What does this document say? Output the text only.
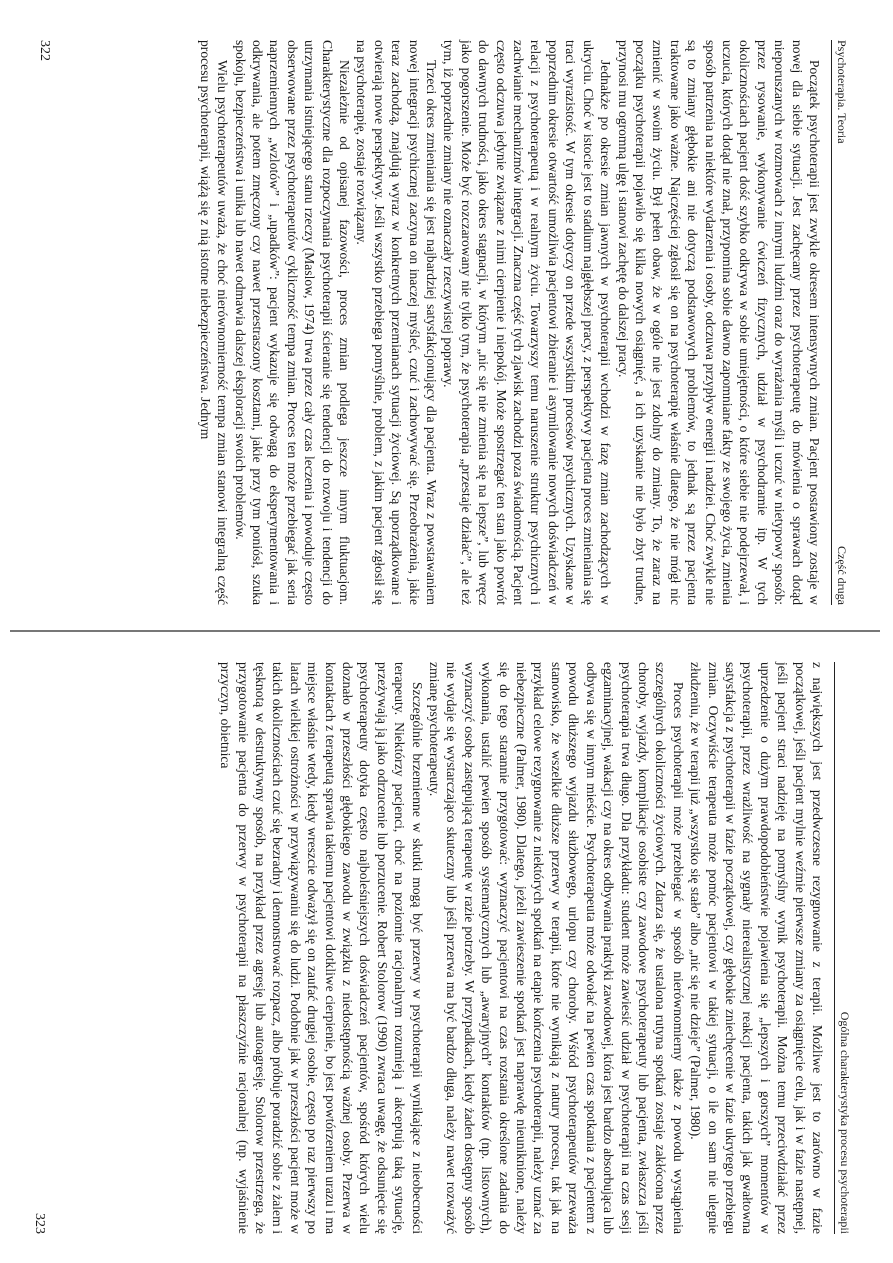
Psychoterapia. Teoria
Część druga

Początek psychoterapii jest zwykle okresem intensywnych zmian. Pacjent postawiony zostaje w nowej dla siebie sytuacji. Jest zachęcany przez psychoterapeutę do mówienia o sprawach dotąd nieporuszanych w rozmowach z innymi ludźmi oraz do wyrażania myśli i uczuć w nietypowy sposób: przez rysowanie, wykonywanie ćwiczeń fizycznych, udział w psychodramie itp. W tych okolicznościach pacjent dość szybko odkrywa w sobie umiejętności, o które siebie nie podejrzewał, i uczucia, których dotąd nie znał, przypomina sobie dawno zapomniane fakty ze swojego życia, zmienia sposób patrzenia na niektóre wydarzenia i osoby, odczuwa przypływ energii i nadziei. Choć zwykle nie są to zmiany głębokie ani nie dotyczą podstawowych problemów, to jednak są przez pacjenta traktowane jako ważne. Najczęściej zgłosił się on na psychoterapię właśnie dlatego, że nie mógł nic zmienić w swoim życiu. Był pełen obaw, że w ogóle nie jest zdolny do zmiany. To, że zaraz na początku psychoterapii pojawiło się kilka nowych osiągnięć, a ich uzyskanie nie było zbyt trudne, przynosi mu ogromną ulgę i stanowi zachętę do dalszej pracy.

Jednakże po okresie zmian jawnych w psychoterapii wchodzi w fazę zmian zachodzących w ukryciu. Choć w istocie jest to stadium najgłębszej pracy, z perspektywy pacjenta proces zmieniania się traci wyrazistość. W tym okresie dotyczy on przede wszystkim procesów psychicznych. Uzyskane w poprzednim okresie otwartość umożliwia pacjentowi zbieranie i asymilowanie nowych doświadczeń w relacji z psychoterapeutą i w realnym życiu. Towarzyszy temu naruszenie struktur psychicznych i zachwianie mechanizmów integracji. Znaczna część tych zjawisk zachodzi poza świadomością. Pacjent często odczuwa jedynie związane z nimi cierpienie i niepokój. Może spostrzegać ten stan jako powrót do dawnych trudności, jako okres stagnacji, w którym „nic się nie zmienia się na lepsze”, lub wręcz jako pogorszenie. Może być rozczarowany nie tylko tym, że psychoterapia „przestaje działać”, ale też tym, iż poprzednie zmiany nie oznaczały rzeczywistej poprawy.

Trzeci okres zmieniania się jest najbardziej satysfakcjonujący dla pacjenta. Wraz z powstawaniem nowej integracji psychicznej zaczyna on inaczej myśleć, czuć i zachowywać się. Przeobrażenia, jakie teraz zachodzą, znajdują wyraz w konkretnych przemianach sytuacji życiowej. Są uporządkowane i otwierają nowe perspektywy. Jeśli wszystko przebiega pomyślnie, problem, z jakim pacjent zgłosił się na psychoterapię, zostaje rozwiązany.

Niezależnie od opisanej fazowości, proces zmian podlega jeszcze innym fluktuacjom. Charakterystyczne dla rozpoczynania psychoterapii ścieranie się tendencji do rozwoju i tendencji do utrzymania istniejącego stanu rzeczy (Maslow, 1974) trwa przez cały czas leczenia i powoduje często obserwowane przez psychoterapeutów cykliczność tempa zmian. Proces ten może przebiegać jak seria naprzemiennych „wzlotów” i „upadków”: pacjent wykazuje się odwagą do eksperymentowania i odkrywania, ale potem zmęczony czy nawet przestraszony kosztami, jakie przy tym poniósł, szuka spokoju, bezpieczeństwa i unika lub nawet odmawia dalszej eksploracji swoich problemów.

Wielu psychoterapeutów uważa, że choć nierównomierność tempa zmian stanowi integralną część procesu psychoterapii, wiążą się z nią istotne niebezpieczeństwa. Jednym

322
Ogólna charakterystyka procesu psychoterapii

z największych jest przedwczesne rezygnowanie z terapii. Możliwe jest to zarówno w fazie początkowej, jeśli pacjent mylnie weźmie pierwsze zmiany za osiągnięcie celu, jak i w fazie następnej, jeśli pacjent straci nadzieję na pomyślny wynik psychoterapii. Można temu przeciwdziałać przez uprzedzenie o dużym prawdopodobieństwie pojawienia się „lepszych i gorszych” momentów w psychoterapii, przez wrażliwość na sygnały nierealistycznej reakcji pacjenta, takich jak gwałtowna satysfakcja z psychoterapii w fazie początkowej, czy głębokie zniechęcenie w fazie ukrytego przebiegu zmian. Oczywiście terapeuta może pomóc pacjentowi w takiej sytuacji, o ile on sam nie ulegnie złudzeniu, że w terapii już „wszystko się stało” albo „nic się nie dzieje” (Palmer, 1980).

Proces psychoterapii może przebiegać w sposób nierównomierny także z powodu wystąpienia szczególnych okoliczności życiowych. Zdarza się, że ustalona rutyna spotkań zostaje zakłócona przez choroby, wyjazdy, komplikacje osobiste czy zawodowe psychoterapeuty lub pacjenta, zwłaszcza jeśli psychoterapia trwa długo. Dla przykładu: student może zawiesić udział w psychoterapii na czas sesji egzaminacyjnej, wakacji czy na okres odbywania praktyki zawodowej, która jest bardzo absorbująca lub odbywa się w innym mieście. Psychoterapeuta może odwołać na pewien czas spotkania z pacjentem z powodu dłuższego wyjazdu służbowego, urlopu czy choroby. Wśród psychoterapeutów przeważa stanowisko, że wszelkie dłuższe przerwy w terapii, które nie wynikają z natury procesu, tak jak na przykład celowe rezygnowanie z niektórych spotkań na etapie kończenia psychoterapii, należy uznać za niebezpieczne (Palmer, 1980). Dlatego, jeżeli zawieszenie spotkań jest naprawdę nieuniknione, należy się do tego starannie przygotować: wyznaczyć pacjentowi na czas rozstania określone zadania do wykonania, ustalić pewien sposób systematycznych lub „awaryjnych” kontaktów (np. listownych), wyznaczyć osobę zastępującą terapeutę w razie potrzeby. W przypadkach, kiedy żaden dostępny sposób nie wydaje się wystarczająco skuteczny lub jeśli przerwa ma być bardzo długa, należy nawet rozważyć zmianę psychoterapeuty.

Szczególnie brzemienne w skutki mogą być przerwy w psychoterapii wynikające z nieobecności terapeuty. Niektórzy pacjenci, choć na poziomie racjonalnym rozumieją i akceptują taką sytuację, przeżywają ją jako odrzucenie lub porzucenie. Robert Stolorow (1990) zwraca uwagę, że odsunięcie się psychoterapeuty dotyka często najboleśniejszych doświadczeń pacjentów, spośród których wielu doznało w przeszłości głębokiego zawodu w związku z niedostępnością ważnej osoby. Przerwa w kontaktach z terapeutą sprawia takiemu pacjentowi dotkliwe cierpienie, bo jest powtórzeniem urazu i ma miejsce właśnie wtedy, kiedy wreszcie odważył się on zaufać drugiej osobie, często po raz pierwszy po latach wielkiej ostrożności w przywiązywaniu się do ludzi. Podobnie jak w przeszłości pacjent może w takich okolicznościach czuć się bezradny i demonstrować rozpacz, albo próbuje poradzić sobie z żalem i tęsknotą w destruktywny sposób, na przykład przez agresję lub autoagresję. Stolorow przestrzega, że przygotowanie pacjenta do przerwy w psychoterapii na płaszczyźnie racjonalnej (np. wyjaśnienie przyczyn, obietnica

323
